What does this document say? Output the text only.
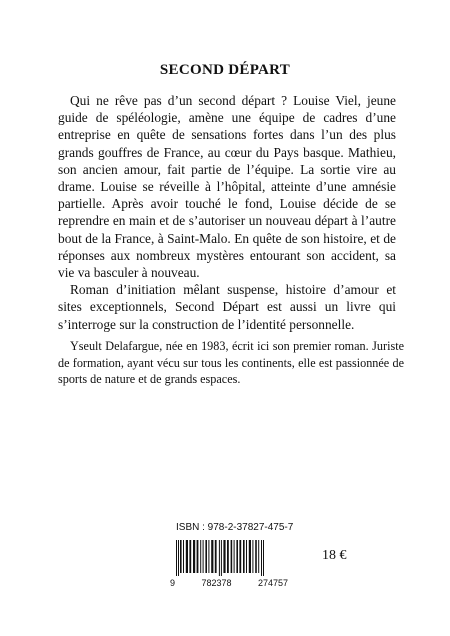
SECOND DÉPART

Qui ne rêve pas d’un second départ ? Louise Viel, jeune guide de spéléologie, amène une équipe de cadres d’une entreprise en quête de sensations fortes dans l’un des plus grands gouffres de France, au cœur du Pays basque. Mathieu, son ancien amour, fait partie de l’équipe. La sortie vire au drame. Louise se réveille à l’hôpital, atteinte d’une amnésie partielle. Après avoir touché le fond, Louise décide de se reprendre en main et de s’autoriser un nouveau départ à l’autre bout de la France, à Saint-Malo. En quête de son histoire, et de réponses aux nombreux mystères entourant son accident, sa vie va basculer à nouveau.

Roman d’initiation mêlant suspense, histoire d’amour et sites exceptionnels, Second Départ est aussi un livre qui s’interroge sur la construction de l’identité personnelle.

Yseult Delafargue, née en 1983, écrit ici son premier roman. Juriste de formation, ayant vécu sur tous les continents, elle est passionnée de sports de nature et de grands espaces.

ISBN : 978-2-37827-475-7
9	782378	274757
18 €
